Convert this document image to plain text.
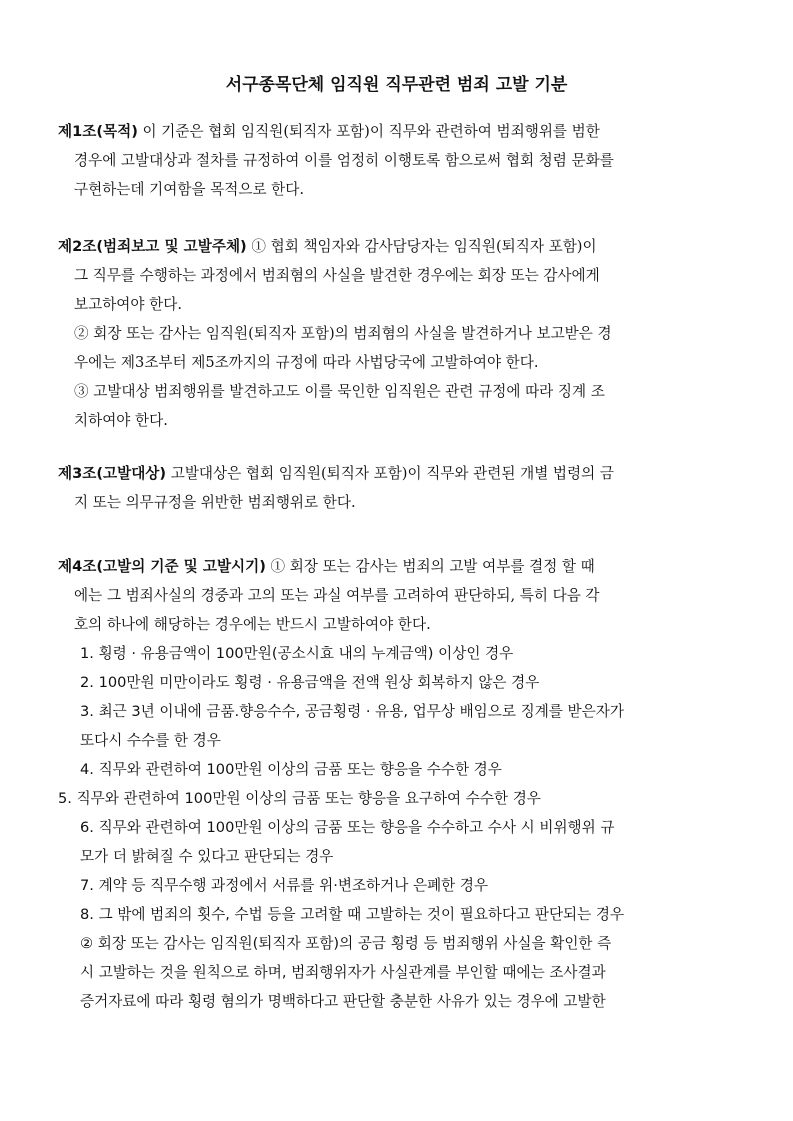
서구종목단체 임직원 직무관련 범죄 고발 기분
제1조(목적) 이 기준은 협회 임직원(퇴직자 포함)이 직무와 관련하여 범죄행위를 범한
경우에 고발대상과 절차를 규정하여 이를 엄정히 이행토록 함으로써 협회 청렴 문화를
구현하는데 기여함을 목적으로 한다.
제2조(범죄보고 및 고발주체) ① 협회 책임자와 감사담당자는 임직원(퇴직자 포함)이
그 직무를 수행하는 과정에서 범죄혐의 사실을 발견한 경우에는 회장 또는 감사에게
보고하여야 한다.
② 회장 또는 감사는 임직원(퇴직자 포함)의 범죄혐의 사실을 발견하거나 보고받은 경
우에는 제3조부터 제5조까지의 규정에 따라 사법당국에 고발하여야 한다.
③ 고발대상 범죄행위를 발견하고도 이를 묵인한 임직원은 관련 규정에 따라 징계 조
치하여야 한다.
제3조(고발대상) 고발대상은 협회 임직원(퇴직자 포함)이 직무와 관련된 개별 법령의 금
지 또는 의무규정을 위반한 범죄행위로 한다.
제4조(고발의 기준 및 고발시기) ① 회장 또는 감사는 범죄의 고발 여부를 결정 할 때
에는 그 범죄사실의 경중과 고의 또는 과실 여부를 고려하여 판단하되, 특히 다음 각
호의 하나에 해당하는 경우에는 반드시 고발하여야 한다.
1. 횡령 · 유용금액이 100만원(공소시효 내의 누계금액) 이상인 경우
2. 100만원 미만이라도 횡령 · 유용금액을 전액 원상 회복하지 않은 경우
3. 최근 3년 이내에 금품.향응수수, 공금횡령 · 유용, 업무상 배임으로 징계를 받은자가
또다시 수수를 한 경우
4. 직무와 관련하여 100만원 이상의 금품 또는 향응을 수수한 경우
5. 직무와 관련하여 100만원 이상의 금품 또는 향응을 요구하여 수수한 경우
6. 직무와 관련하여 100만원 이상의 금품 또는 향응을 수수하고 수사 시 비위행위 규
모가 더 밝혀질 수 있다고 판단되는 경우
7. 계약 등 직무수행 과정에서 서류를 위·변조하거나 은폐한 경우
8. 그 밖에 범죄의 횟수, 수법 등을 고려할 때 고발하는 것이 필요하다고 판단되는 경우
② 회장 또는 감사는 임직원(퇴직자 포함)의 공금 횡령 등 범죄행위 사실을 확인한 즉
시 고발하는 것을 원칙으로 하며, 범죄행위자가 사실관계를 부인할 때에는 조사결과
증거자료에 따라 횡령 혐의가 명백하다고 판단할 충분한 사유가 있는 경우에 고발한
